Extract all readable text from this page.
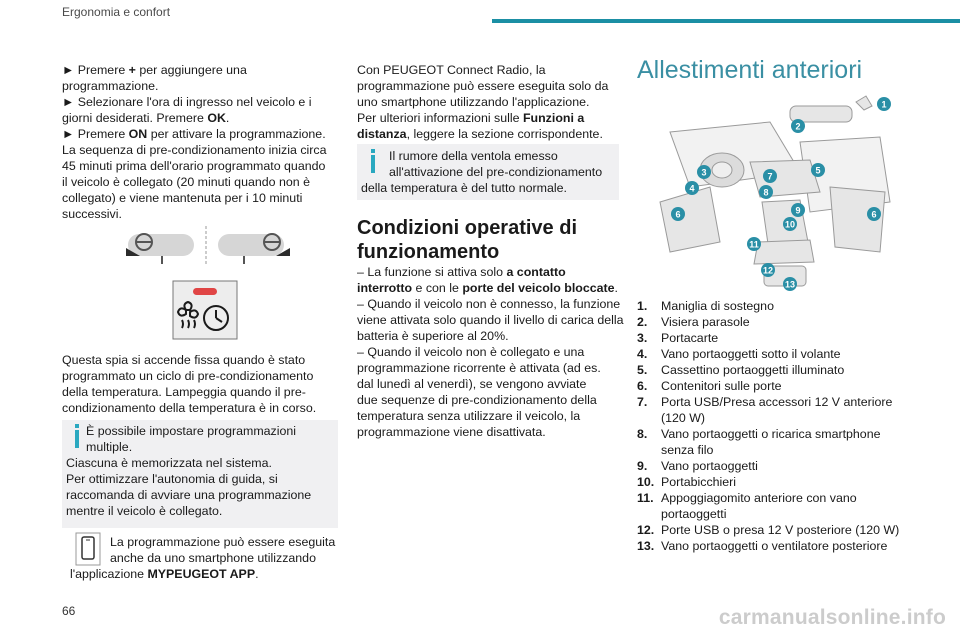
Ergonomia e confort

► Premere + per aggiungere una

programmazione.

► Selezionare l'ora di ingresso nel veicolo e i

giorni desiderati. Premere OK.

► Premere ON per attivare la programmazione.

La sequenza di pre-condizionamento inizia circa

45 minuti prima dell'orario programmato quando

il veicolo è collegato (20 minuti quando non è

collegato) e viene mantenuta per i 10 minuti

successivi.

Questa spia si accende fissa quando è stato

programmato un ciclo di pre-condizionamento

della temperatura. Lampeggia quando il pre-

condizionamento della temperatura è in corso.

È possibile impostare programmazioni

multiple.

Ciascuna è memorizzata nel sistema.

Per ottimizzare l'autonomia di guida, si

raccomanda di avviare una programmazione

mentre il veicolo è collegato.

La programmazione può essere eseguita

anche da uno smartphone utilizzando

l'applicazione MYPEUGEOT APP.

Con PEUGEOT Connect Radio, la

programmazione può essere eseguita solo da

uno smartphone utilizzando l'applicazione.

Per ulteriori informazioni sulle Funzioni a

distanza, leggere la sezione corrispondente.

Il rumore della ventola emesso

all'attivazione del pre-condizionamento

della temperatura è del tutto normale.

Condizioni operative di
funzionamento

– La funzione si attiva solo a contatto

interrotto e con le porte del veicolo bloccate.

– Quando il veicolo non è connesso, la funzione

viene attivata solo quando il livello di carica della

batteria è superiore al 20%.

– Quando il veicolo non è collegato e una

programmazione ricorrente è attivata (ad es.

dal lunedì al venerdì), se vengono avviate

due sequenze di pre-condizionamento della

temperatura senza utilizzare il veicolo, la

programmazione viene disattivata.

Allestimenti anteriori
1
2
3
4
5
6	6
7
8
9
10
11
12
13
1. Maniglia di sostegno
2. Visiera parasole
3. Portacarte
4. Vano portaoggetti sotto il volante
5. Cassettino portaoggetti illuminato
6. Contenitori sulle porte
7. Porta USB/Presa accessori 12 V anteriore
(120 W)
8. Vano portaoggetti o ricarica smartphone
senza filo
9. Vano portaoggetti
10. Portabicchieri
11. Appoggiagomito anteriore con vano
portaoggetti
12. Porte USB o presa 12 V posteriore (120 W)
13. Vano portaoggetti o ventilatore posteriore
66	carmanualsonline.info
